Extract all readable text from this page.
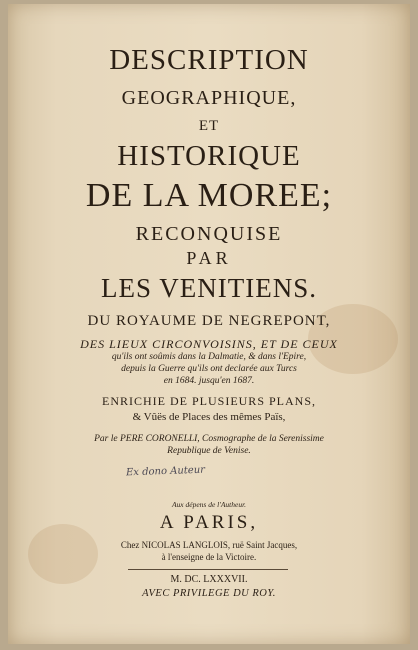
DESCRIPTION
GEOGRAPHIQUE,
ET
HISTORIQUE
DE LA MOREE;
RECONQUISE
PAR
LES VENITIENS.
DU ROYAUME DE NEGREPONT,
DES LIEUX CIRCONVOISINS, ET DE CEUX
qu'ils ont soûmis dans la Dalmatie, & dans l'Epire,
depuis la Guerre qu'ils ont declarée aux Turcs
en 1684. jusqu'en 1687.
ENRICHIE DE PLUSIEURS PLANS,
& Vûës de Places des mêmes Païs,
Par le PERE CORONELLI, Cosmographe de la Serenissime
Republique de Venise.
Ex dono Auteur
Aux dépens de l'Autheur.
A PARIS,
Chez NICOLAS LANGLOIS, ruë Saint Jacques,
à l'enseigne de la Victoire.
M. DC. LXXXVII.
AVEC PRIVILEGE DU ROY.
